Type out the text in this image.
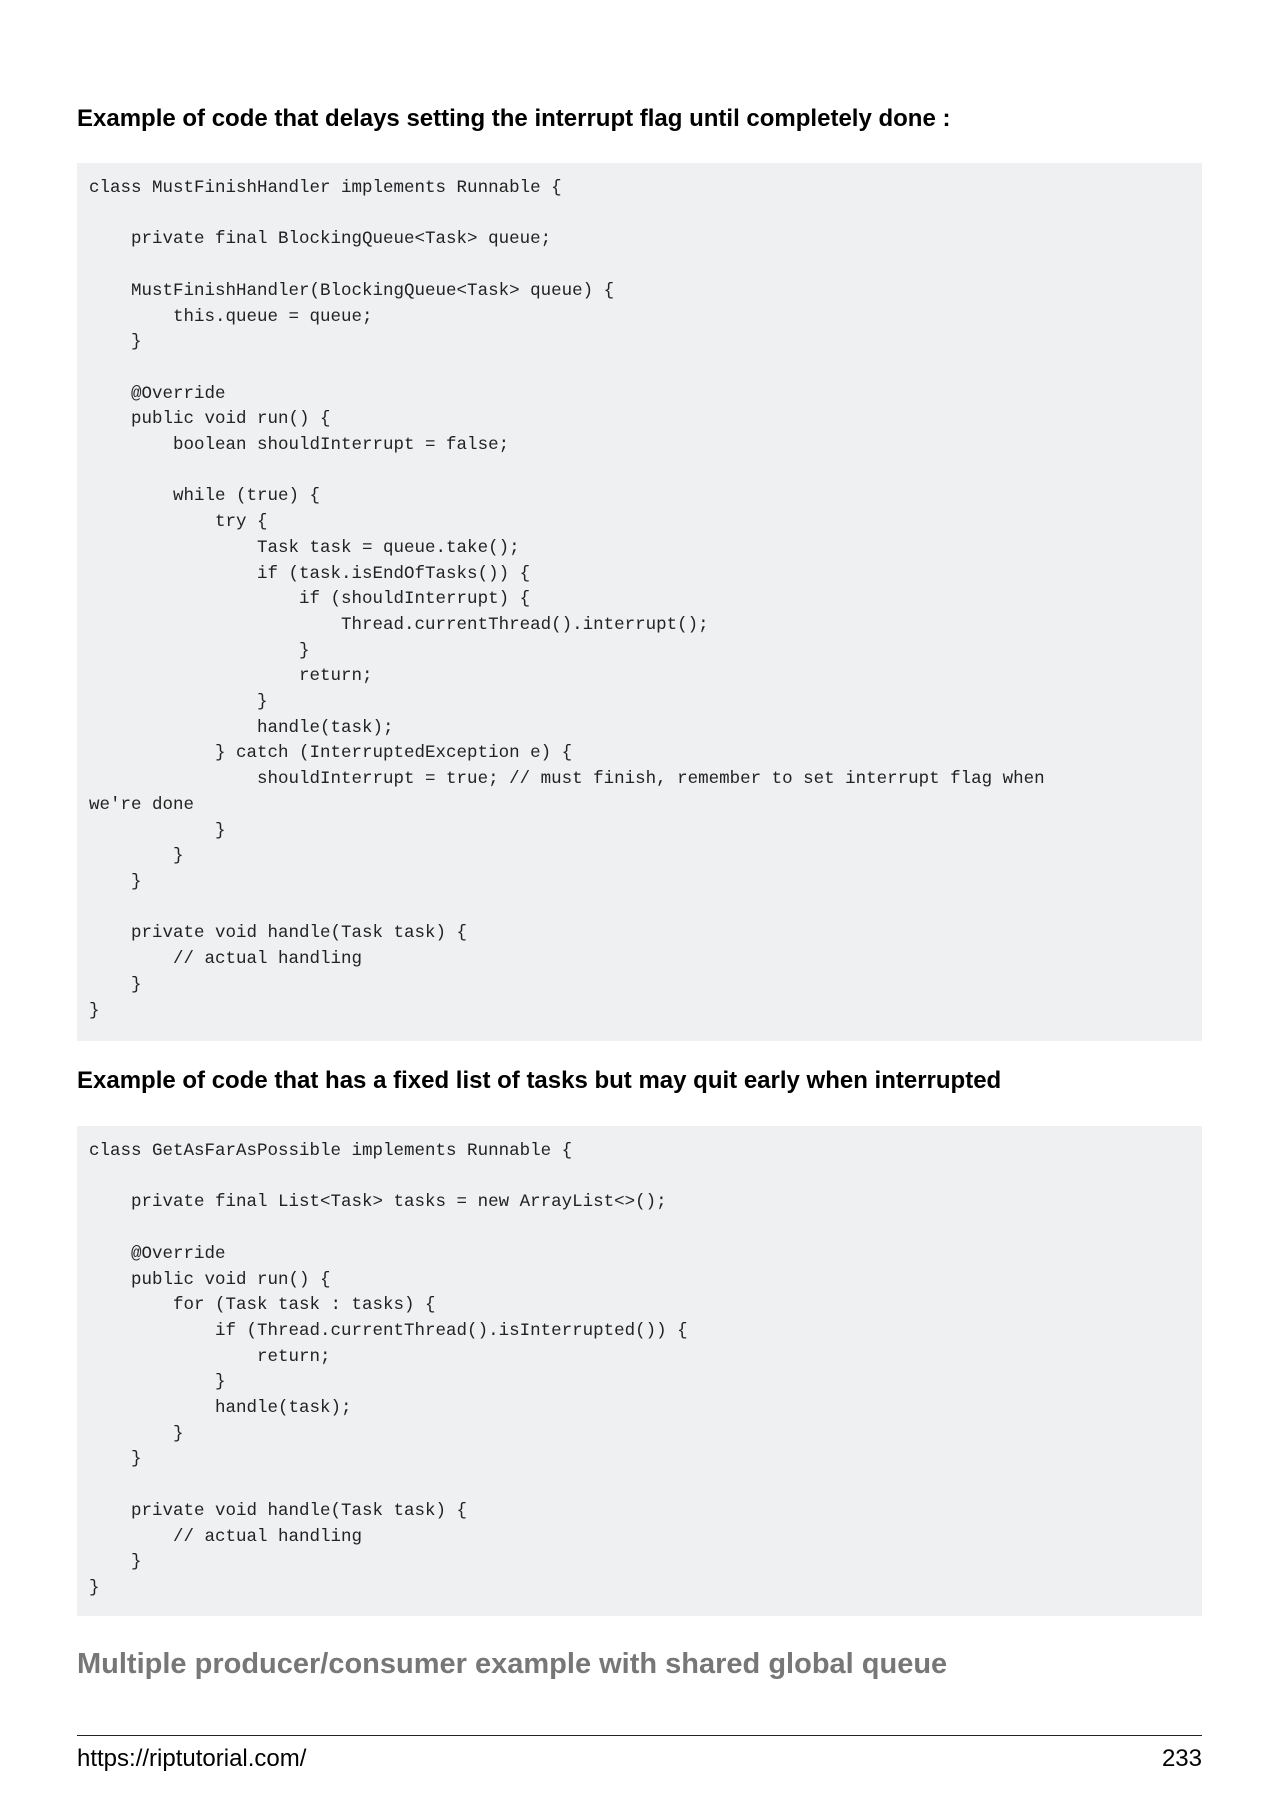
Example of code that delays setting the interrupt flag until completely done :
class MustFinishHandler implements Runnable {

private final BlockingQueue<Task> queue;

MustFinishHandler(BlockingQueue<Task> queue) {
this.queue = queue;
}

@Override
public void run() {
boolean shouldInterrupt = false;

while (true) {
try {
Task task = queue.take();
if (task.isEndOfTasks()) {
if (shouldInterrupt) {
Thread.currentThread().interrupt();
}
return;
}
handle(task);
} catch (InterruptedException e) {
shouldInterrupt = true; // must finish, remember to set interrupt flag when
we're done
}
}
}

private void handle(Task task) {
// actual handling
}
}
Example of code that has a fixed list of tasks but may quit early when interrupted
class GetAsFarAsPossible implements Runnable {

private final List<Task> tasks = new ArrayList<>();

@Override
public void run() {
for (Task task : tasks) {
if (Thread.currentThread().isInterrupted()) {
return;
}
handle(task);
}
}

private void handle(Task task) {
// actual handling
}
}
Multiple producer/consumer example with shared global queue
https://riptutorial.com/	233
